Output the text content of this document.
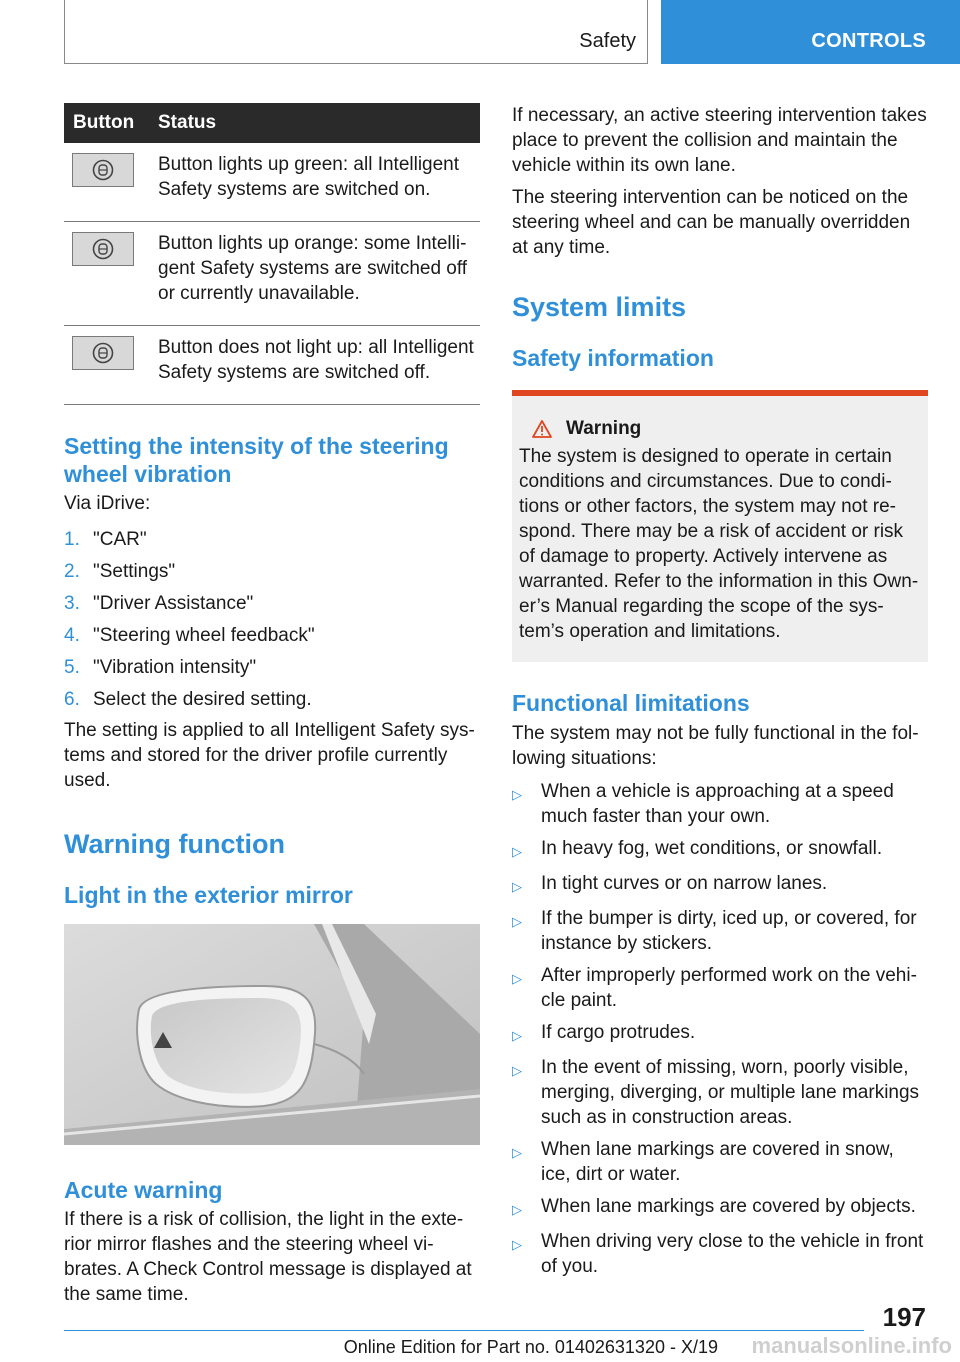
Safety	CONTROLS
Button	Status

	Button lights up green: all Intelligent Safety systems are switched on.

	Button lights up orange: some Intelli-gent Safety systems are switched off or currently unavailable.

	Button does not light up: all Intelligent Safety systems are switched off.
Setting the intensity of the steering wheel vibration

Via iDrive:

1. "CAR"
2. "Settings"
3. "Driver Assistance"
4. "Steering wheel feedback"
5. "Vibration intensity"
6. Select the desired setting.

The setting is applied to all Intelligent Safety sys-tems and stored for the driver profile currently used.

Warning function
Light in the exterior mirror
Acute warning

If there is a risk of collision, the light in the exte-rior mirror flashes and the steering wheel vi-brates. A Check Control message is displayed at the same time.

If necessary, an active steering intervention takes place to prevent the collision and maintain the vehicle within its own lane.

The steering intervention can be noticed on the steering wheel and can be manually overridden at any time.

System limits
Safety information
Warning

The system is designed to operate in certain conditions and circumstances. Due to condi-tions or other factors, the system may not re-spond. There may be a risk of accident or risk of damage to property. Actively intervene as warranted. Refer to the information in this Own-er’s Manual regarding the scope of the sys-tem’s operation and limitations.

Functional limitations

The system may not be fully functional in the fol-lowing situations:

▷	When a vehicle is approaching at a speed much faster than your own.
▷	In heavy fog, wet conditions, or snowfall.
▷	In tight curves or on narrow lanes.
▷	If the bumper is dirty, iced up, or covered, for instance by stickers.
▷	After improperly performed work on the vehi-cle paint.
▷	If cargo protrudes.
▷	In the event of missing, worn, poorly visible, merging, diverging, or multiple lane markings such as in construction areas.
▷	When lane markings are covered in snow, ice, dirt or water.
▷	When lane markings are covered by objects.
▷	When driving very close to the vehicle in front of you.
197
Online Edition for Part no. 01402631320 - X/19 manualsonline.info
